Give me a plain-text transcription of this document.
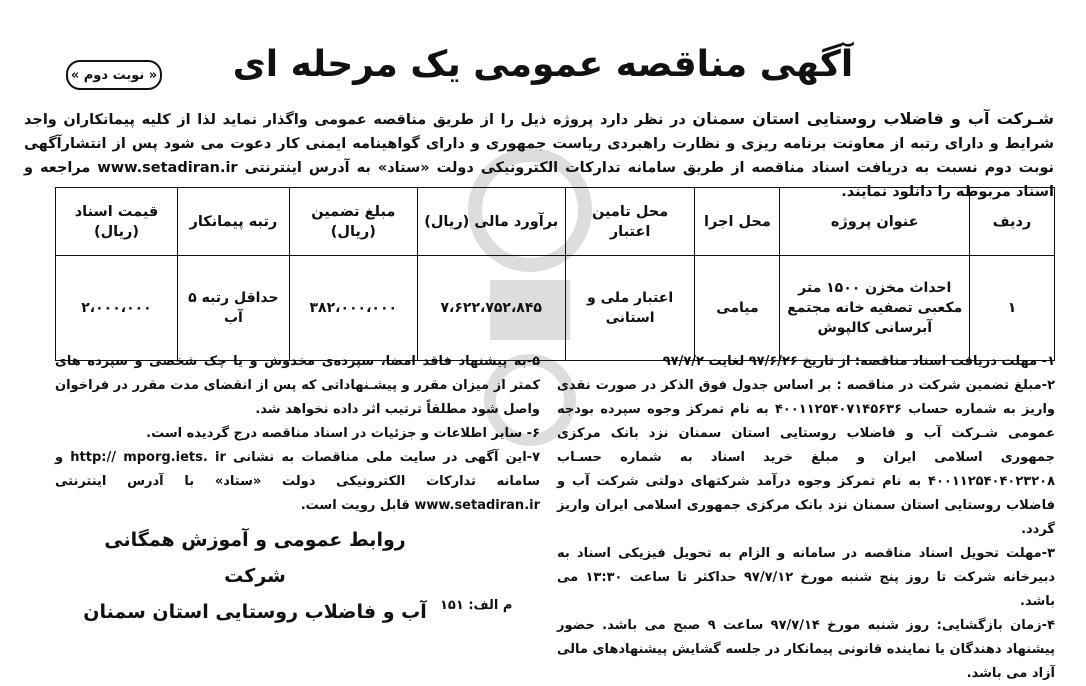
آگهی مناقصه عمومی یک مرحله ای
« نوبت دوم »
شـرکت آب و فاضلاب روستایی استان سمنان در نظر دارد پروژه ذیل را از طریق مناقصه عمومی واگذار نماید لذا از کلیه پیمانکاران واجد شرایط و دارای رتبه از معاونت برنامه ریزی و نظارت راهبردی ریاست جمهوری و دارای گواهینامه ایمنی کار دعوت می شود پس از انتشارآگهی نوبت دوم نسبت به دریافت اسناد مناقصه از طریق سامانه تدارکات الکترونیکی دولت «ستاد» به آدرس اینترنتی www.setadiran.ir مراجعه و اسناد مربوطه را دانلود نمایند.
ردیف	عنوان پروژه	محل اجرا	محل تامین اعتبار	برآورد مالی (ریال)	مبلغ تضمین (ریال)	رتبه پیمانکار	قیمت اسناد (ریال)
۱	احداث مخزن ۱۵۰۰ متر مکعبی تصفیه خانه مجتمع آبرسانی کالپوش	میامی	اعتبار ملی و استانی	۷،۶۲۲،۷۵۲،۸۴۵	۳۸۲،۰۰۰،۰۰۰	حداقل رتبه ۵ آب	۲،۰۰۰،۰۰۰

۱- مهلت دریافت اسناد مناقصه: از تاریخ ۹۷/۶/۲۶ لغایت ۹۷/۷/۲

۲-مبلغ تضمین شرکت در مناقصه : بر اساس جدول فوق الذکر در صورت نقدی واریز به شماره حساب ۴۰۰۱۱۲۵۴۰۷۱۴۵۶۳۶ به نام تمرکز وجوه سپرده بودجه عمومی شـرکت آب و فاضلاب روستایی استان سمنان نزد بانک مرکزی جمهوری اسلامی ایران و مبلغ خرید اسناد به شماره حسـاب ۴۰۰۱۱۲۵۴۰۴۰۲۳۲۰۸ به نام تمرکز وجوه درآمد شرکتهای دولتی شرکت آب و فاضلاب روستایی استان سمنان نزد بانک مرکزی جمهوری اسلامی ایران واریز گردد.

۳-مهلت تحویل اسناد مناقصه در سامانه و الزام به تحویل فیزیکی اسناد به دبیرخانه شرکت تا روز پنج شنبه مورخ ۹۷/۷/۱۲ حداکثر تا ساعت ۱۳:۳۰ می باشد.

۴-زمان بازگشایی: روز شنبه مورخ ۹۷/۷/۱۴ ساعت ۹ صبح می باشد. حضور پیشنهاد دهندگان یا نماینده قانونی پیمانکار در جلسه گشایش پیشنهادهای مالی آزاد می باشد.

۵-به پیشنهاد فاقد امضا، سپرده‌ی مخدوش و یا چک شخصی و سپرده های کمتر از میزان مقرر و پیشـنهاداتی که پس از انقضای مدت مقرر در فراخوان واصل شود مطلقاً ترتیب اثر داده نخواهد شد.

۶- سایر اطلاعات و جزئیات در اسناد مناقصه درج گردیده است.

۷-این آگهی در سایت ملی مناقصات به نشانی http:// mporg.iets. ir و سامانه تدارکات الکترونیکی دولت «ستاد» با آدرس اینترنتی www.setadiran.ir قابل رویت است.

روابط عمومی و آموزش همگانی شرکت
آب و فاضلاب روستایی استان سمنان م الف: ۱۵۱
